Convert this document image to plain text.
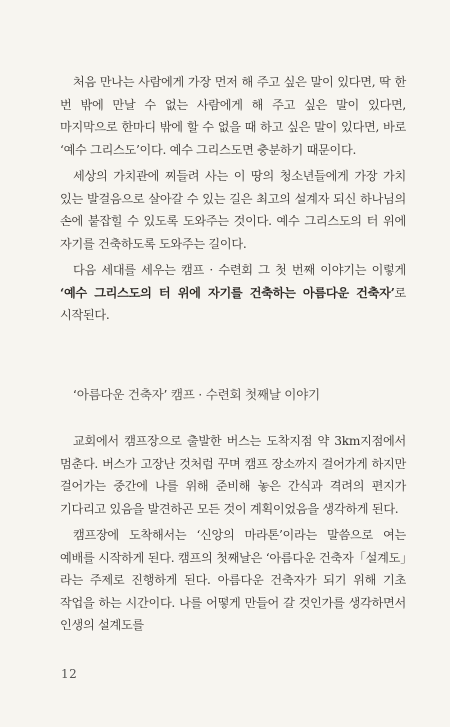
처음 만나는 사람에게 가장 먼저 해 주고 싶은 말이 있다면, 딱 한 번 밖에 만날 수 없는 사람에게 해 주고 싶은 말이 있다면, 마지막으로 한마디 밖에 할 수 없을 때 하고 싶은 말이 있다면, 바로 ‘예수 그리스도’이다. 예수 그리스도면 충분하기 때문이다.

세상의 가치관에 찌들려 사는 이 땅의 청소년들에게 가장 가치 있는 발걸음으로 살아갈 수 있는 길은 최고의 설계자 되신 하나님의 손에 붙잡힐 수 있도록 도와주는 것이다. 예수 그리스도의 터 위에 자기를 건축하도록 도와주는 길이다.

다음 세대를 세우는 캠프 · 수련회 그 첫 번째 이야기는 이렇게 ‘예수 그리스도의 터 위에 자기를 건축하는 아름다운 건축자’로 시작된다.

‘아름다운 건축자’ 캠프 · 수련회 첫째날 이야기

교회에서 캠프장으로 출발한 버스는 도착지점 약 3km지점에서 멈춘다. 버스가 고장난 것처럼 꾸며 캠프 장소까지 걸어가게 하지만 걸어가는 중간에 나를 위해 준비해 놓은 간식과 격려의 편지가 기다리고 있음을 발견하곤 모든 것이 계획이었음을 생각하게 된다.

캠프장에 도착해서는 ‘신앙의 마라톤’이라는 말씀으로 여는 예배를 시작하게 된다. 캠프의 첫째날은 ‘아름다운 건축자「설계도」라는 주제로 진행하게 된다. 아름다운 건축자가 되기 위해 기초 작업을 하는 시간이다. 나를 어떻게 만들어 갈 것인가를 생각하면서 인생의 설계도를

12
